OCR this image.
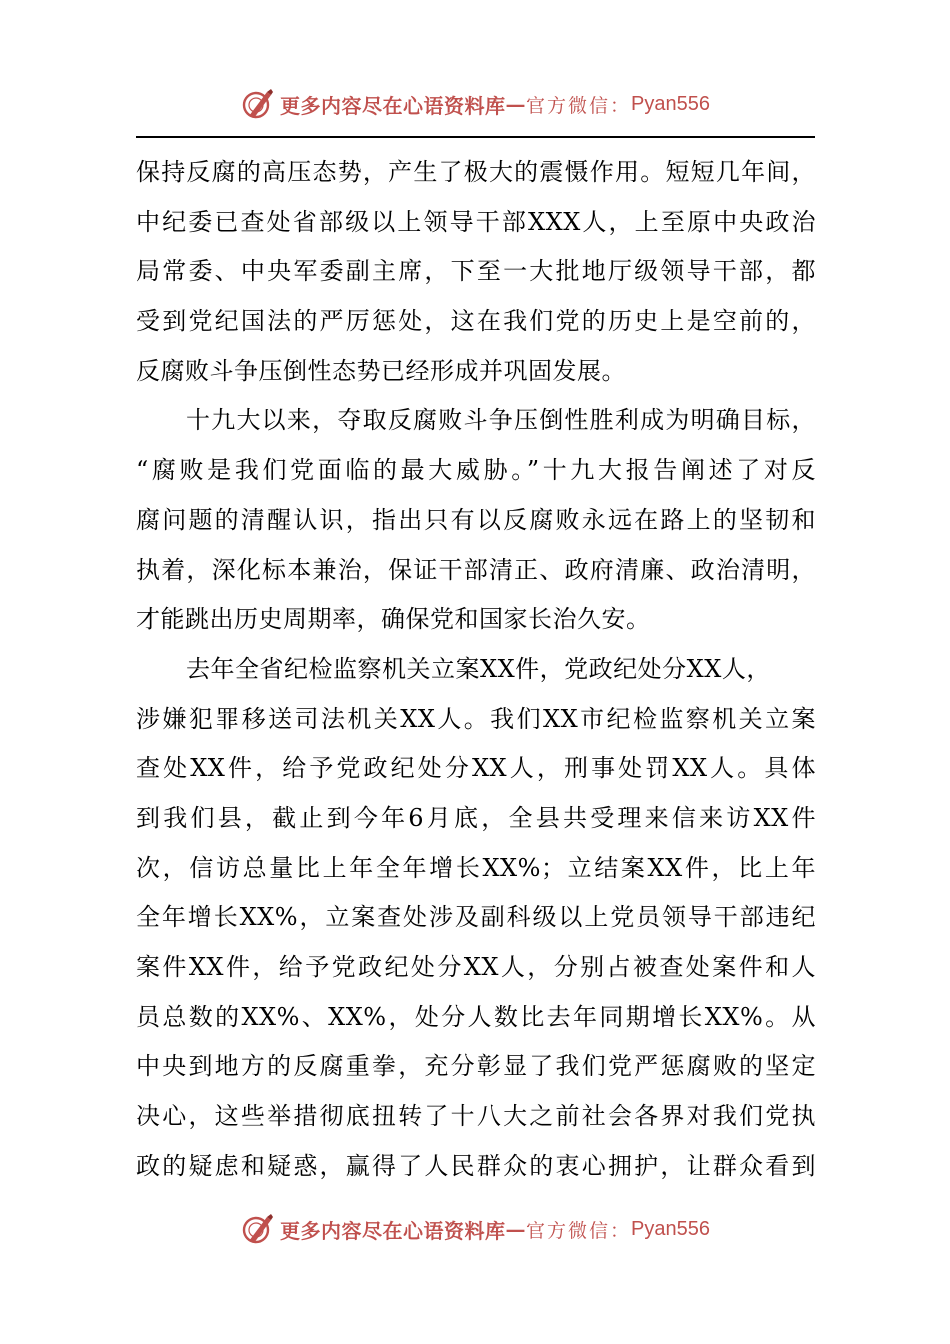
更多内容尽在心语资料库 — 官方微信： Pyan556
保持反腐的高压态势，产生了极大的震慑作用。短短几年间，
中纪委已查处省部级以上领导干部XXX人，上至原中央政治
局常委、中央军委副主席，下至一大批地厅级领导干部，都
受到党纪国法的严厉惩处，这在我们党的历史上是空前的，
反腐败斗争压倒性态势已经形成并巩固发展。
十九大以来，夺取反腐败斗争压倒性胜利成为明确目标，
“腐败是我们党面临的最大威胁。”十九大报告阐述了对反
腐问题的清醒认识，指出只有以反腐败永远在路上的坚韧和
执着，深化标本兼治，保证干部清正、政府清廉、政治清明，
才能跳出历史周期率，确保党和国家长治久安。
去年全省纪检监察机关立案XX件，党政纪处分XX人，
涉嫌犯罪移送司法机关XX人。我们XX市纪检监察机关立案
查处XX件，给予党政纪处分XX人，刑事处罚XX人。具体
到我们县，截止到今年6月底，全县共受理来信来访XX件
次，信访总量比上年全年增长XX%；立结案XX件，比上年
全年增长XX%，立案查处涉及副科级以上党员领导干部违纪
案件XX件，给予党政纪处分XX人，分别占被查处案件和人
员总数的XX%、XX%，处分人数比去年同期增长XX%。从
中央到地方的反腐重拳，充分彰显了我们党严惩腐败的坚定
决心，这些举措彻底扭转了十八大之前社会各界对我们党执
政的疑虑和疑惑，赢得了人民群众的衷心拥护，让群众看到
更多内容尽在心语资料库 — 官方微信： Pyan556
